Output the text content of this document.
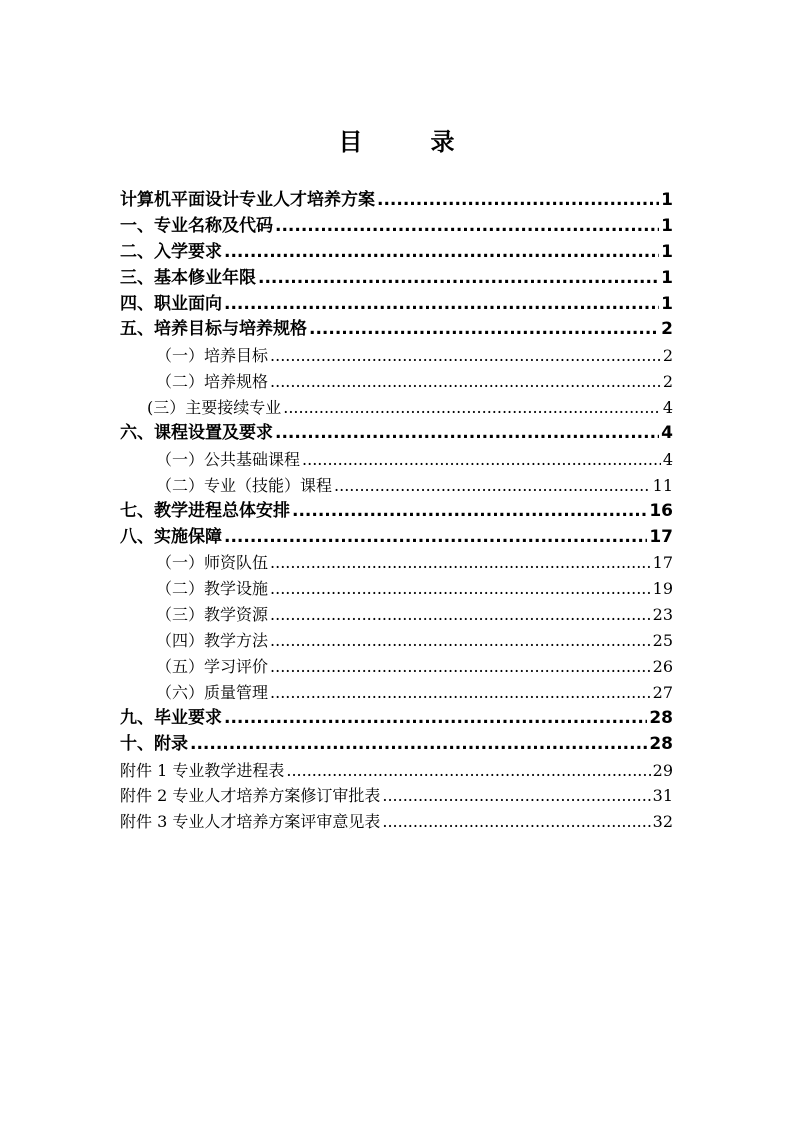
目　录
计算机平面设计专业人才培养方案 .....	1
一、专业名称及代码 .....	1
二、入学要求 .....	1
三、基本修业年限 .....	1
四、职业面向 .....	1
五、培养目标与培养规格 .....	2
（一）培养目标 .....	2
（二）培养规格 .....	2
(三）主要接续专业 .....	4
六、课程设置及要求 .....	4
（一）公共基础课程 .....	4
（二）专业（技能）课程 .....	11
七、教学进程总体安排 .....	16
八、实施保障 .....	17
（一）师资队伍 .....	17
（二）教学设施 .....	19
（三）教学资源 .....	23
（四）教学方法 .....	25
（五）学习评价 .....	26
（六）质量管理 .....	27
九、毕业要求 .....	28
十、附录 .....	28
附件 1 专业教学进程表 .....	29
附件 2 专业人才培养方案修订审批表 .....	31
附件 3 专业人才培养方案评审意见表 .....	32
